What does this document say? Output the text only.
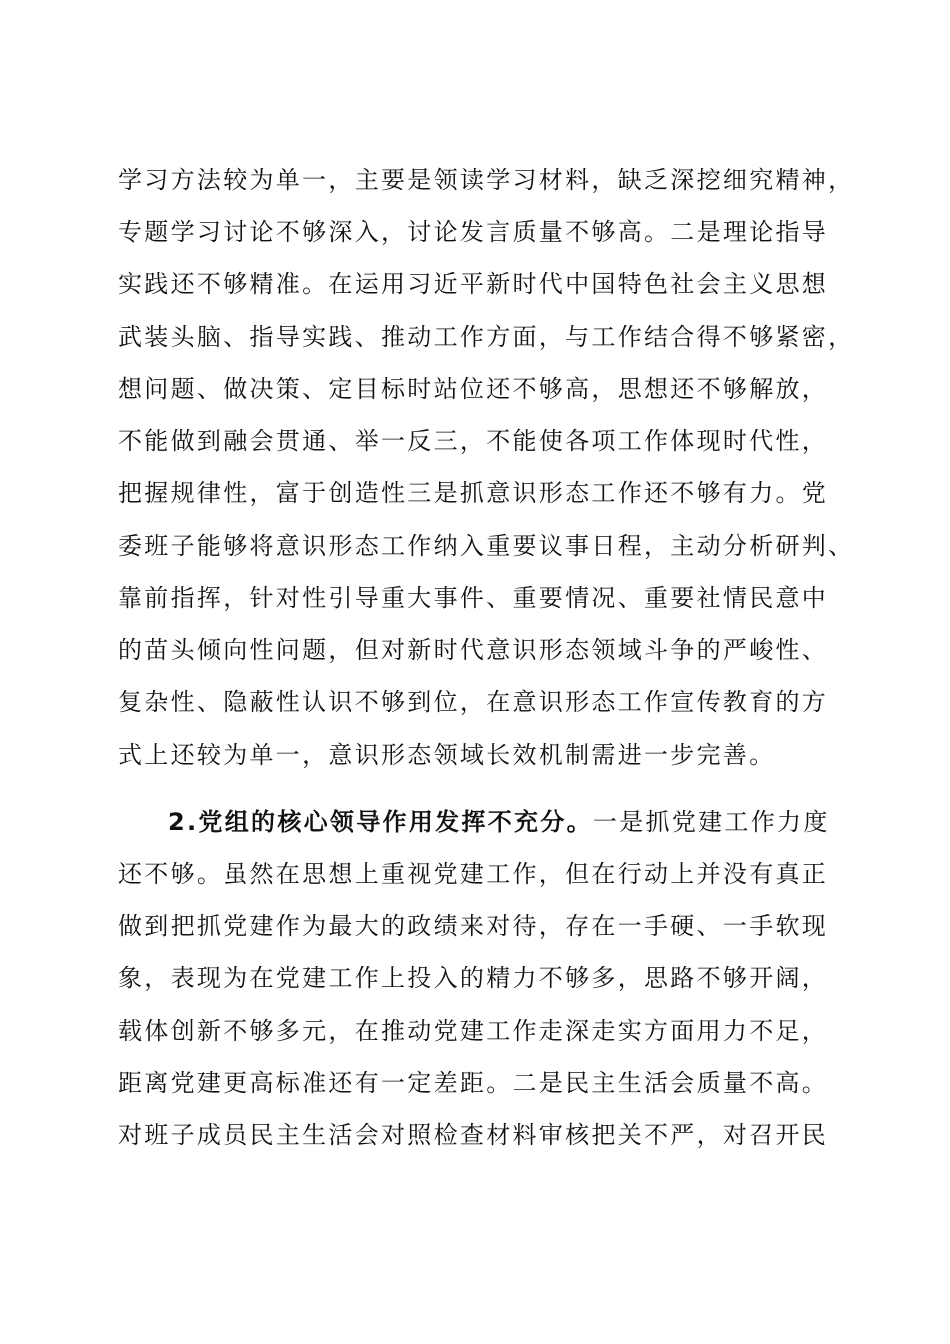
学习方法较为单一，主要是领读学习材料，缺乏深挖细究精神，
专题学习讨论不够深入，讨论发言质量不够高。二是理论指导
实践还不够精准。在运用习近平新时代中国特色社会主义思想
武装头脑、指导实践、推动工作方面，与工作结合得不够紧密，
想问题、做决策、定目标时站位还不够高，思想还不够解放，
不能做到融会贯通、举一反三，不能使各项工作体现时代性，
把握规律性，富于创造性三是抓意识形态工作还不够有力。党
委班子能够将意识形态工作纳入重要议事日程，主动分析研判、
靠前指挥，针对性引导重大事件、重要情况、重要社情民意中
的苗头倾向性问题，但对新时代意识形态领域斗争的严峻性、
复杂性、隐蔽性认识不够到位，在意识形态工作宣传教育的方
式上还较为单一，意识形态领域长效机制需进一步完善。
2.党组的核心领导作用发挥不充分。一是抓党建工作力度
还不够。虽然在思想上重视党建工作，但在行动上并没有真正
做到把抓党建作为最大的政绩来对待，存在一手硬、一手软现
象，表现为在党建工作上投入的精力不够多，思路不够开阔，
载体创新不够多元，在推动党建工作走深走实方面用力不足，
距离党建更高标准还有一定差距。二是民主生活会质量不高。
对班子成员民主生活会对照检查材料审核把关不严，对召开民
